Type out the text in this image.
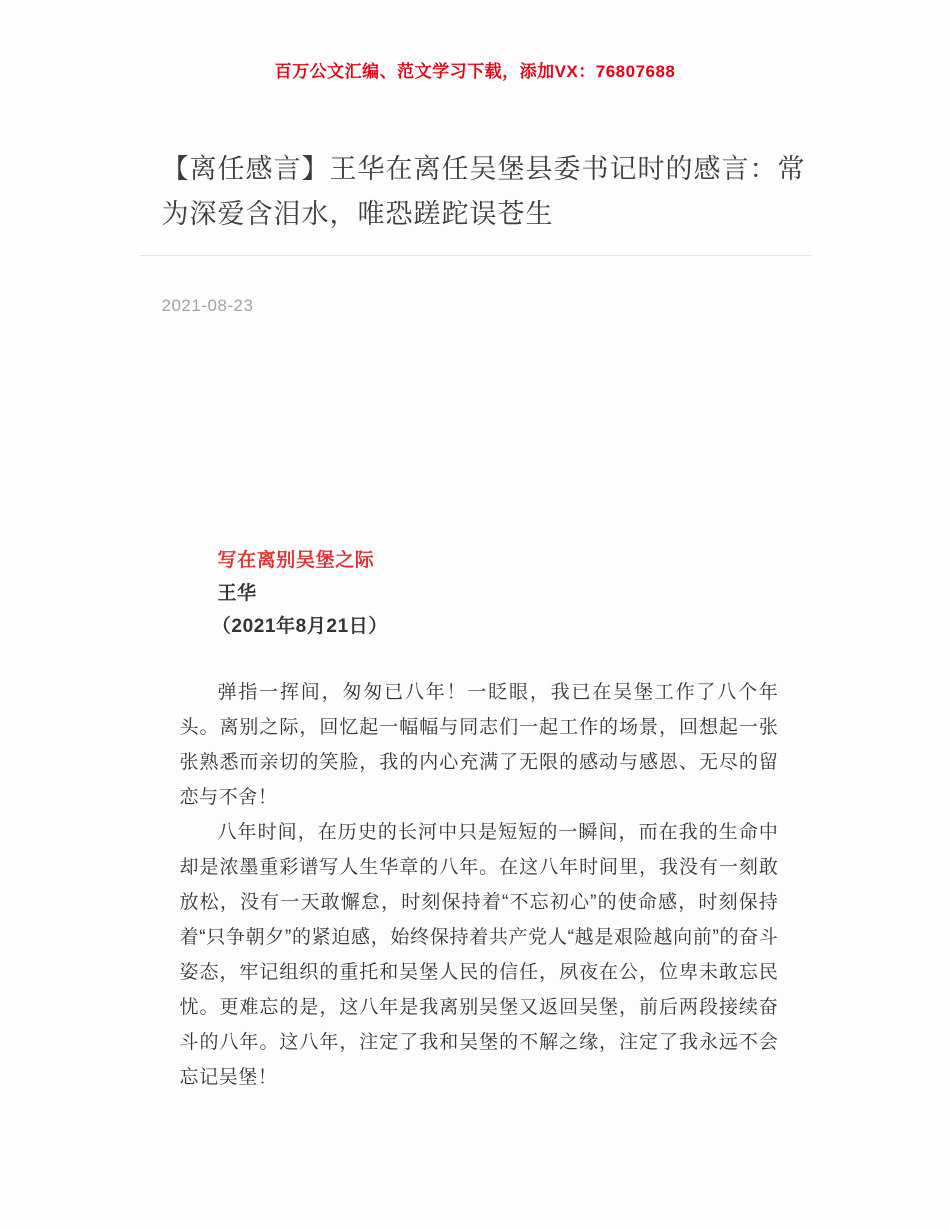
百万公文汇编、范文学习下载，添加VX：76807688
【离任感言】王华在离任吴堡县委书记时的感言：常为深爱含泪水，唯恐蹉跎误苍生
2021-08-23
写在离别吴堡之际
王华
（2021年8月21日）

弹指一挥间，匆匆已八年！一眨眼，我已在吴堡工作了八个年头。离别之际，回忆起一幅幅与同志们一起工作的场景，回想起一张张熟悉而亲切的笑脸，我的内心充满了无限的感动与感恩、无尽的留恋与不舍！

八年时间，在历史的长河中只是短短的一瞬间，而在我的生命中却是浓墨重彩谱写人生华章的八年。在这八年时间里，我没有一刻敢放松，没有一天敢懈怠，时刻保持着“不忘初心”的使命感，时刻保持着“只争朝夕”的紧迫感，始终保持着共产党人“越是艰险越向前”的奋斗姿态，牢记组织的重托和吴堡人民的信任，夙夜在公，位卑未敢忘民忧。更难忘的是，这八年是我离别吴堡又返回吴堡，前后两段接续奋斗的八年。这八年，注定了我和吴堡的不解之缘，注定了我永远不会忘记吴堡！
